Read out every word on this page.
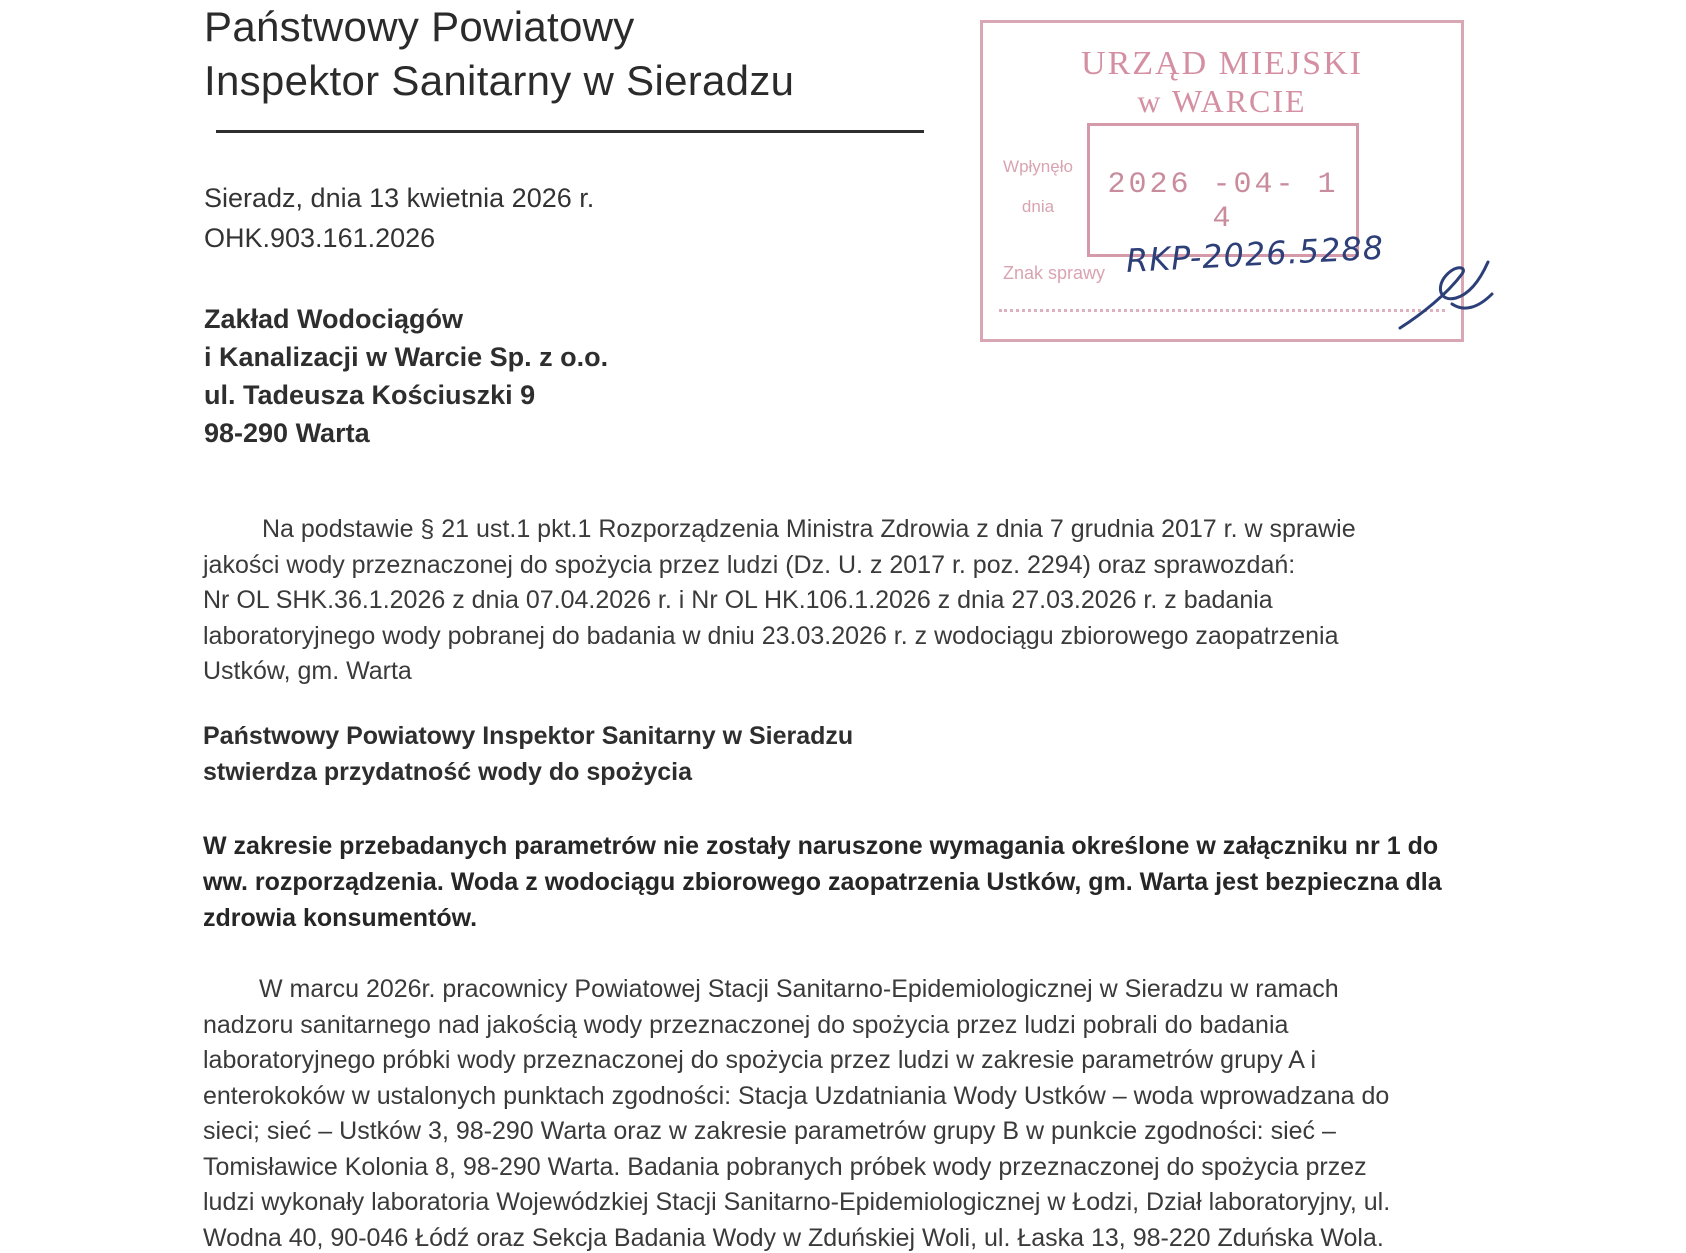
Państwowy Powiatowy
Inspektor Sanitarny w Sieradzu
Sieradz, dnia 13 kwietnia 2026 r.
OHK.903.161.2026
Zakład Wodociągów
i Kanalizacji w Warcie Sp. z o.o.
ul. Tadeusza Kościuszki 9
98-290 Warta
URZĄD MIEJSKI
w WARCIE
Wpłynęło
dnia
2026 -04- 1 4
Znak sprawy RKP-2026.5288
Na podstawie § 21 ust.1 pkt.1 Rozporządzenia Ministra Zdrowia z dnia 7 grudnia 2017 r. w sprawie
jakości wody przeznaczonej do spożycia przez ludzi (Dz. U. z 2017 r. poz. 2294) oraz sprawozdań:
Nr OL SHK.36.1.2026 z dnia 07.04.2026 r. i Nr OL HK.106.1.2026 z dnia 27.03.2026 r. z badania
laboratoryjnego wody pobranej do badania w dniu 23.03.2026 r. z wodociągu zbiorowego zaopatrzenia
Ustków, gm. Warta
Państwowy Powiatowy Inspektor Sanitarny w Sieradzu
stwierdza przydatność wody do spożycia
W zakresie przebadanych parametrów nie zostały naruszone wymagania określone w załączniku nr 1 do
ww. rozporządzenia. Woda z wodociągu zbiorowego zaopatrzenia Ustków, gm. Warta jest bezpieczna dla
zdrowia konsumentów.
W marcu 2026r. pracownicy Powiatowej Stacji Sanitarno-Epidemiologicznej w Sieradzu w ramach
nadzoru sanitarnego nad jakością wody przeznaczonej do spożycia przez ludzi pobrali do badania
laboratoryjnego próbki wody przeznaczonej do spożycia przez ludzi w zakresie parametrów grupy A i
enterokoków w ustalonych punktach zgodności: Stacja Uzdatniania Wody Ustków – woda wprowadzana do
sieci; sieć – Ustków 3, 98-290 Warta oraz w zakresie parametrów grupy B w punkcie zgodności: sieć –
Tomisławice Kolonia 8, 98-290 Warta. Badania pobranych próbek wody przeznaczonej do spożycia przez
ludzi wykonały laboratoria Wojewódzkiej Stacji Sanitarno-Epidemiologicznej w Łodzi, Dział laboratoryjny, ul.
Wodna 40, 90-046 Łódź oraz Sekcja Badania Wody w Zduńskiej Woli, ul. Łaska 13, 98-220 Zduńska Wola.
